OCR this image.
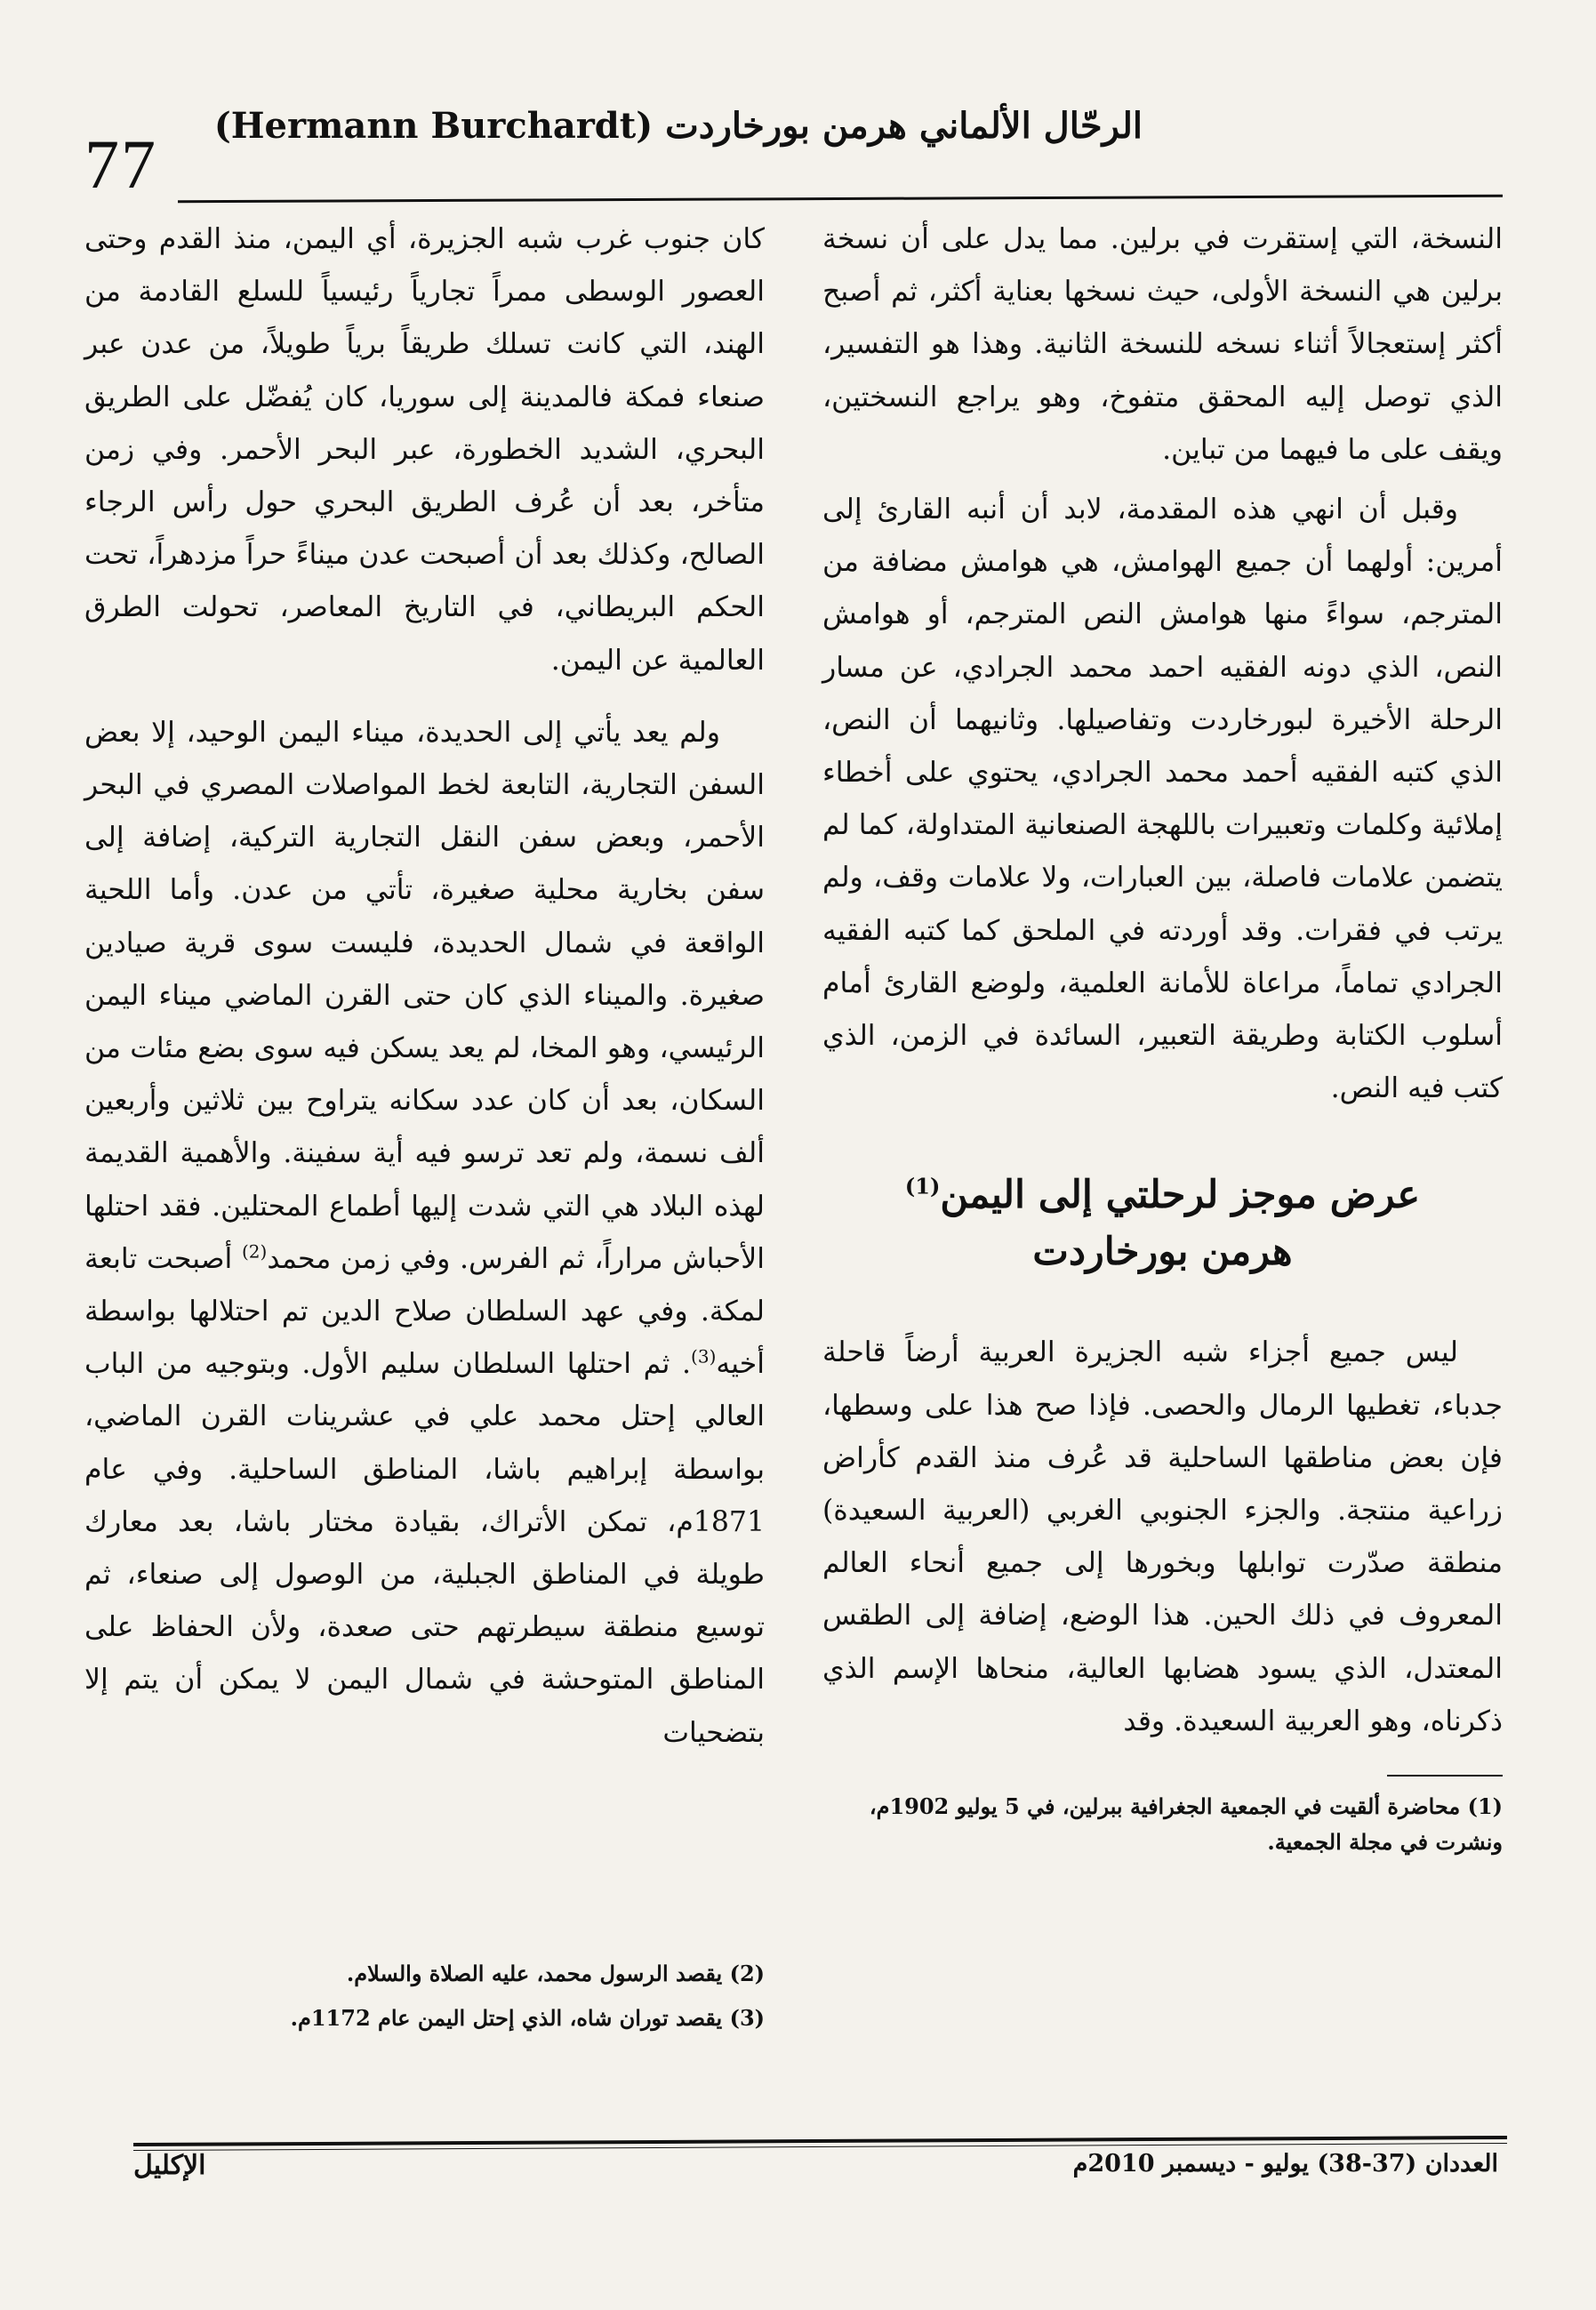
77 الرحّال الألماني هرمن بورخاردت (Hermann Burchardt)

النسخة، التي إستقرت في برلين. مما يدل على أن نسخة برلين هي النسخة الأولى، حيث نسخها بعناية أكثر، ثم أصبح أكثر إستعجالاً أثناء نسخه للنسخة الثانية. وهذا هو التفسير، الذي توصل إليه المحقق متفوخ، وهو يراجع النسختين، ويقف على ما فيهما من تباين.

وقبل أن انهي هذه المقدمة، لابد أن أنبه القارئ إلى أمرين: أولهما أن جميع الهوامش، هي هوامش مضافة من المترجم، سواءً منها هوامش النص المترجم، أو هوامش النص، الذي دونه الفقيه احمد محمد الجرادي، عن مسار الرحلة الأخيرة لبورخاردت وتفاصيلها. وثانيهما أن النص، الذي كتبه الفقيه أحمد محمد الجرادي، يحتوي على أخطاء إملائية وكلمات وتعبيرات باللهجة الصنعانية المتداولة، كما لم يتضمن علامات فاصلة، بين العبارات، ولا علامات وقف، ولم يرتب في فقرات. وقد أوردته في الملحق كما كتبه الفقيه الجرادي تماماً، مراعاة للأمانة العلمية، ولوضع القارئ أمام أسلوب الكتابة وطريقة التعبير، السائدة في الزمن، الذي كتب فيه النص.

عرض موجز لرحلتي إلى اليمن$^{(1)}$
هرمن بورخاردت

ليس جميع أجزاء شبه الجزيرة العربية أرضاً قاحلة جدباء، تغطيها الرمال والحصى. فإذا صح هذا على وسطها، فإن بعض مناطقها الساحلية قد عُرف منذ القدم كأراض زراعية منتجة. والجزء الجنوبي الغربي (العربية السعيدة) منطقة صدّرت توابلها وبخورها إلى جميع أنحاء العالم المعروف في ذلك الحين. هذا الوضع، إضافة إلى الطقس المعتدل، الذي يسود هضابها العالية، منحاها الإسم الذي ذكرناه، وهو العربية السعيدة. وقد

(1) محاضرة ألقيت في الجمعية الجغرافية ببرلين، في 5 يوليو 1902م، ونشرت في مجلة الجمعية.

كان جنوب غرب شبه الجزيرة، أي اليمن، منذ القدم وحتى العصور الوسطى ممراً تجارياً رئيسياً للسلع القادمة من الهند، التي كانت تسلك طريقاً برياً طويلاً، من عدن عبر صنعاء فمكة فالمدينة إلى سوريا، كان يُفضّل على الطريق البحري، الشديد الخطورة، عبر البحر الأحمر. وفي زمن متأخر، بعد أن عُرف الطريق البحري حول رأس الرجاء الصالح، وكذلك بعد أن أصبحت عدن ميناءً حراً مزدهراً، تحت الحكم البريطاني، في التاريخ المعاصر، تحولت الطرق العالمية عن اليمن.

ولم يعد يأتي إلى الحديدة، ميناء اليمن الوحيد، إلا بعض السفن التجارية، التابعة لخط المواصلات المصري في البحر الأحمر، وبعض سفن النقل التجارية التركية، إضافة إلى سفن بخارية محلية صغيرة، تأتي من عدن. وأما اللحية الواقعة في شمال الحديدة، فليست سوى قرية صيادين صغيرة. والميناء الذي كان حتى القرن الماضي ميناء اليمن الرئيسي، وهو المخا، لم يعد يسكن فيه سوى بضع مئات من السكان، بعد أن كان عدد سكانه يتراوح بين ثلاثين وأربعين ألف نسمة، ولم تعد ترسو فيه أية سفينة. والأهمية القديمة لهذه البلاد هي التي شدت إليها أطماع المحتلين. فقد احتلها الأحباش مراراً، ثم الفرس. وفي زمن محمد$^{(2)}$ أصبحت تابعة لمكة. وفي عهد السلطان صلاح الدين تم احتلالها بواسطة أخيه$^{(3)}$. ثم احتلها السلطان سليم الأول. وبتوجيه من الباب العالي إحتل محمد علي في عشرينات القرن الماضي، بواسطة إبراهيم باشا، المناطق الساحلية. وفي عام 1871م، تمكن الأتراك، بقيادة مختار باشا، بعد معارك طويلة في المناطق الجبلية، من الوصول إلى صنعاء، ثم توسيع منطقة سيطرتهم حتى صعدة، ولأن الحفاظ على المناطق المتوحشة في شمال اليمن لا يمكن أن يتم إلا بتضحيات

(2) يقصد الرسول محمد، عليه الصلاة والسلام.

(3) يقصد توران شاه، الذي إحتل اليمن عام 1172م.

العددان (37-38) يوليو - ديسمبر 2010م
الإكليل
